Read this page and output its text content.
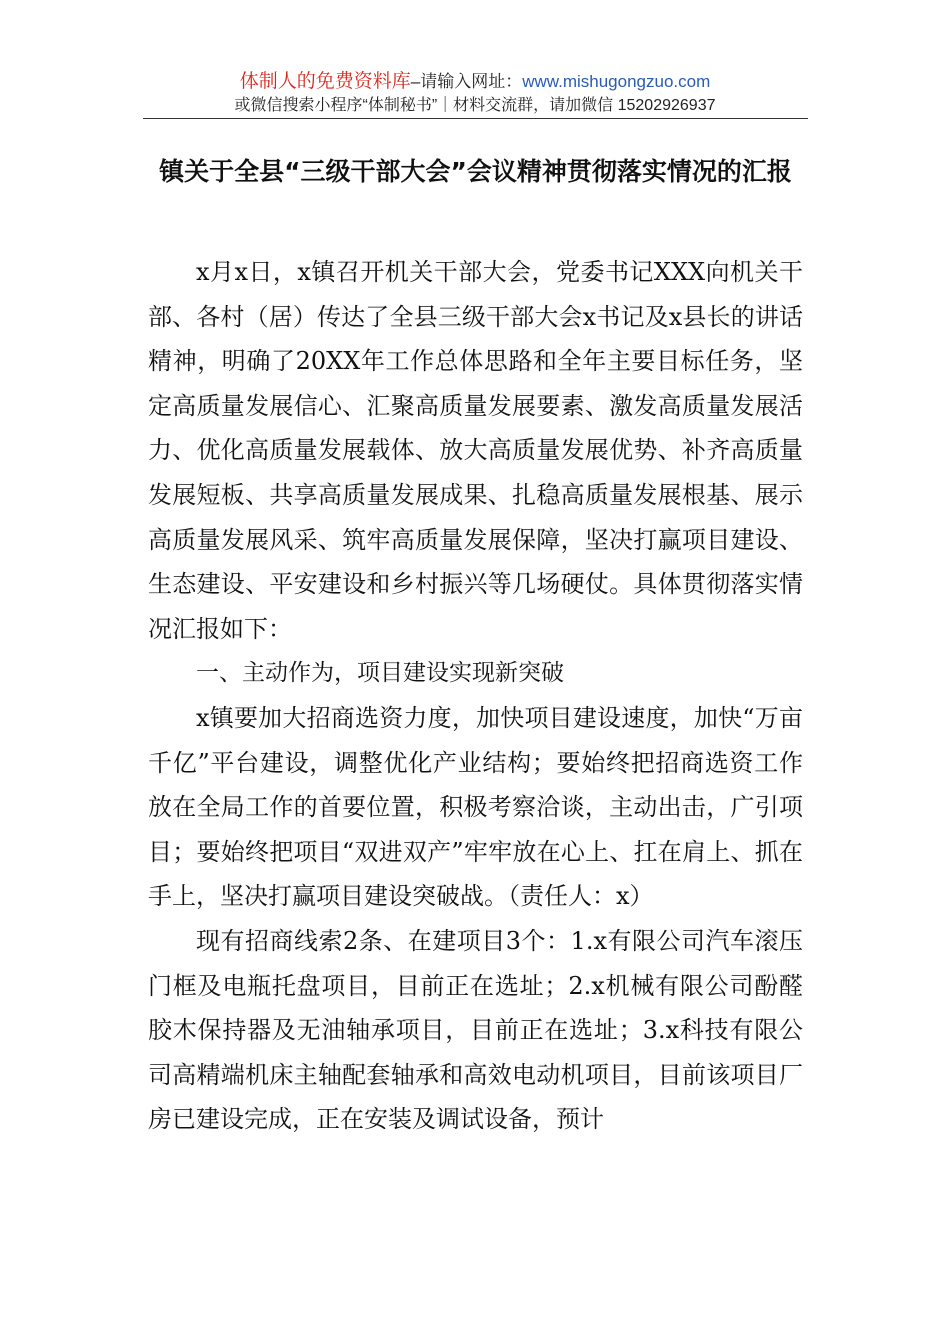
体制人的免费资料库–请输入网址：www.mishugongzuo.com
或微信搜索小程序“体制秘书”｜材料交流群，请加微信 15202926937
镇关于全县“三级干部大会”会议精神贯彻落实情况的汇报

x月x日，x镇召开机关干部大会，党委书记XXX向机关干部、各村（居）传达了全县三级干部大会x书记及x县长的讲话精神，明确了20XX年工作总体思路和全年主要目标任务，坚定高质量发展信心、汇聚高质量发展要素、激发高质量发展活力、优化高质量发展载体、放大高质量发展优势、补齐高质量发展短板、共享高质量发展成果、扎稳高质量发展根基、展示高质量发展风采、筑牢高质量发展保障，坚决打赢项目建设、生态建设、平安建设和乡村振兴等几场硬仗。具体贯彻落实情况汇报如下：

一、主动作为，项目建设实现新突破

x镇要加大招商选资力度，加快项目建设速度，加快“万亩千亿”平台建设，调整优化产业结构；要始终把招商选资工作放在全局工作的首要位置，积极考察洽谈，主动出击，广引项目；要始终把项目“双进双产”牢牢放在心上、扛在肩上、抓在手上，坚决打赢项目建设突破战。（责任人：x）

现有招商线索2条、在建项目3个：1.x有限公司汽车滚压门框及电瓶托盘项目，目前正在选址；2.x机械有限公司酚醛胶木保持器及无油轴承项目，目前正在选址；3.x科技有限公司高精端机床主轴配套轴承和高效电动机项目，目前该项目厂房已建设完成，正在安装及调试设备，预计
